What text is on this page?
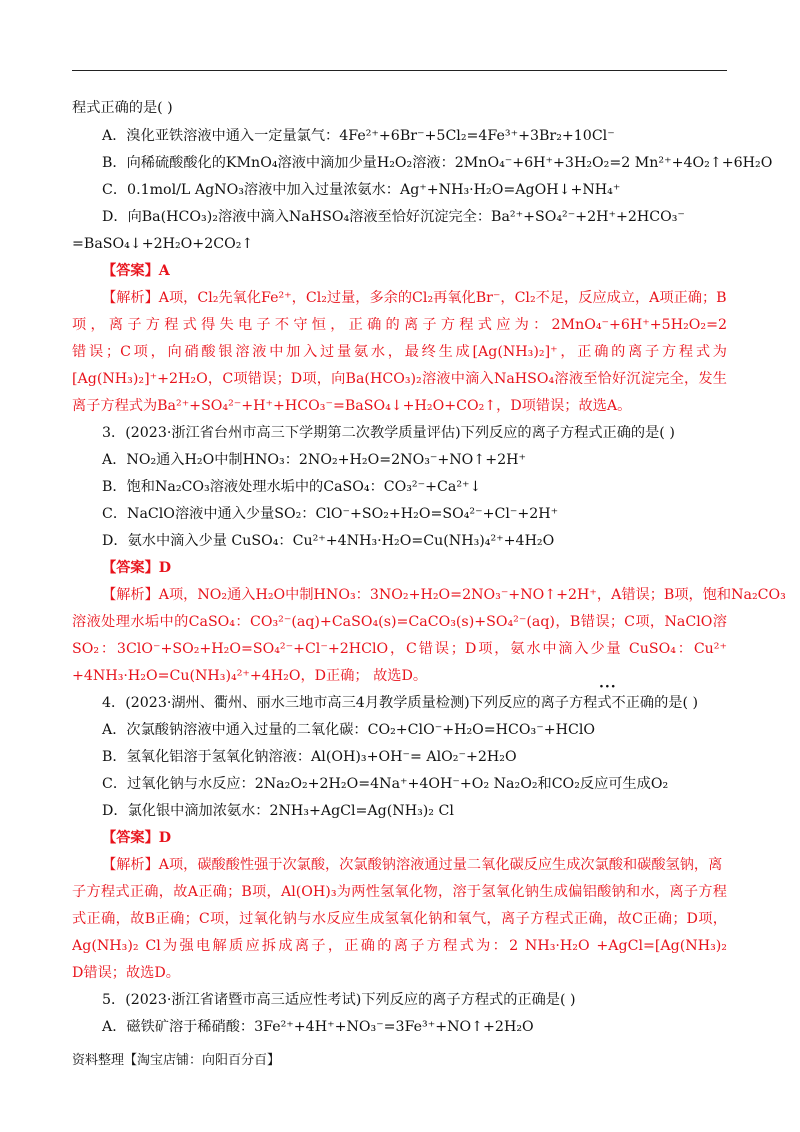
程式正确的是( )
A．溴化亚铁溶液中通入一定量氯气：4Fe²⁺+6Br⁻+5Cl₂=4Fe³⁺+3Br₂+10Cl⁻
B．向稀硫酸酸化的KMnO₄溶液中滴加少量H₂O₂溶液：2MnO₄⁻+6H⁺+3H₂O₂=2 Mn²⁺+4O₂↑+6H₂O
C．0.1mol/L AgNO₃溶液中加入过量浓氨水：Ag⁺+NH₃·H₂O=AgOH↓+NH₄⁺
D．向Ba(HCO₃)₂溶液中滴入NaHSO₄溶液至恰好沉淀完全：Ba²⁺+SO₄²⁻+2H⁺+2HCO₃⁻
=BaSO₄↓+2H₂O+2CO₂↑
【答案】A
【解析】A项，Cl₂先氧化Fe²⁺，Cl₂过量，多余的Cl₂再氧化Br⁻，Cl₂不足，反应成立，A项正确；B
项，离子方程式得失电子不守恒，正确的离子方程式应为：2MnO₄⁻+6H⁺+5H₂O₂=2
错误；C项，向硝酸银溶液中加入过量氨水，最终生成[Ag(NH₃)₂]⁺，正确的离子方程式为
[Ag(NH₃)₂]⁺+2H₂O，C项错误；D项，向Ba(HCO₃)₂溶液中滴入NaHSO₄溶液至恰好沉淀完全，发生
离子方程式为Ba²⁺+SO₄²⁻+H⁺+HCO₃⁻=BaSO₄↓+H₂O+CO₂↑，D项错误；故选A。
3．(2023·浙江省台州市高三下学期第二次教学质量评估)下列反应的离子方程式正确的是( )
A．NO₂通入H₂O中制HNO₃：2NO₂+H₂O=2NO₃⁻+NO↑+2H⁺
B．饱和Na₂CO₃溶液处理水垢中的CaSO₄：CO₃²⁻+Ca²⁺↓
C．NaClO溶液中通入少量SO₂：ClO⁻+SO₂+H₂O=SO₄²⁻+Cl⁻+2H⁺
D．氨水中滴入少量 CuSO₄：Cu²⁺+4NH₃·H₂O=Cu(NH₃)₄²⁺+4H₂O
【答案】D
【解析】A项，NO₂通入H₂O中制HNO₃：3NO₂+H₂O=2NO₃⁻+NO↑+2H⁺，A错误；B项，饱和Na₂CO₃
溶液处理水垢中的CaSO₄：CO₃²⁻(aq)+CaSO₄(s)=CaCO₃(s)+SO₄²⁻(aq)，B错误；C项，NaClO溶
SO₂：3ClO⁻+SO₂+H₂O=SO₄²⁻+Cl⁻+2HClO，C错误；D项，氨水中滴入少量 CuSO₄：Cu²⁺
+4NH₃·H₂O=Cu(NH₃)₄²⁺+4H₂O，D正确； 故选D。
···
4．(2023·湖州、衢州、丽水三地市高三4月教学质量检测)下列反应的离子方程式不正确的是( )
A．次氯酸钠溶液中通入过量的二氧化碳：CO₂+ClO⁻+H₂O=HCO₃⁻+HClO
B．氢氧化铝溶于氢氧化钠溶液：Al(OH)₃+OH⁻= AlO₂⁻+2H₂O
C．过氧化钠与水反应：2Na₂O₂+2H₂O=4Na⁺+4OH⁻+O₂ Na₂O₂和CO₂反应可生成O₂
D．氯化银中滴加浓氨水：2NH₃+AgCl=Ag(NH₃)₂ Cl
【答案】D
【解析】A项，碳酸酸性强于次氯酸，次氯酸钠溶液通过量二氧化碳反应生成次氯酸和碳酸氢钠，离
子方程式正确，故A正确；B项，Al(OH)₃为两性氢氧化物，溶于氢氧化钠生成偏铝酸钠和水，离子方程
式正确，故B正确；C项，过氧化钠与水反应生成氢氧化钠和氧气，离子方程式正确，故C正确；D项，
Ag(NH₃)₂ Cl为强电解质应拆成离子，正确的离子方程式为：2 NH₃·H₂O +AgCl=[Ag(NH₃)₂
D错误；故选D。
5．(2023·浙江省诸暨市高三适应性考试)下列反应的离子方程式的正确是( )
A．磁铁矿溶于稀硝酸：3Fe²⁺+4H⁺+NO₃⁻=3Fe³⁺+NO↑+2H₂O
资料整理【淘宝店铺：向阳百分百】
